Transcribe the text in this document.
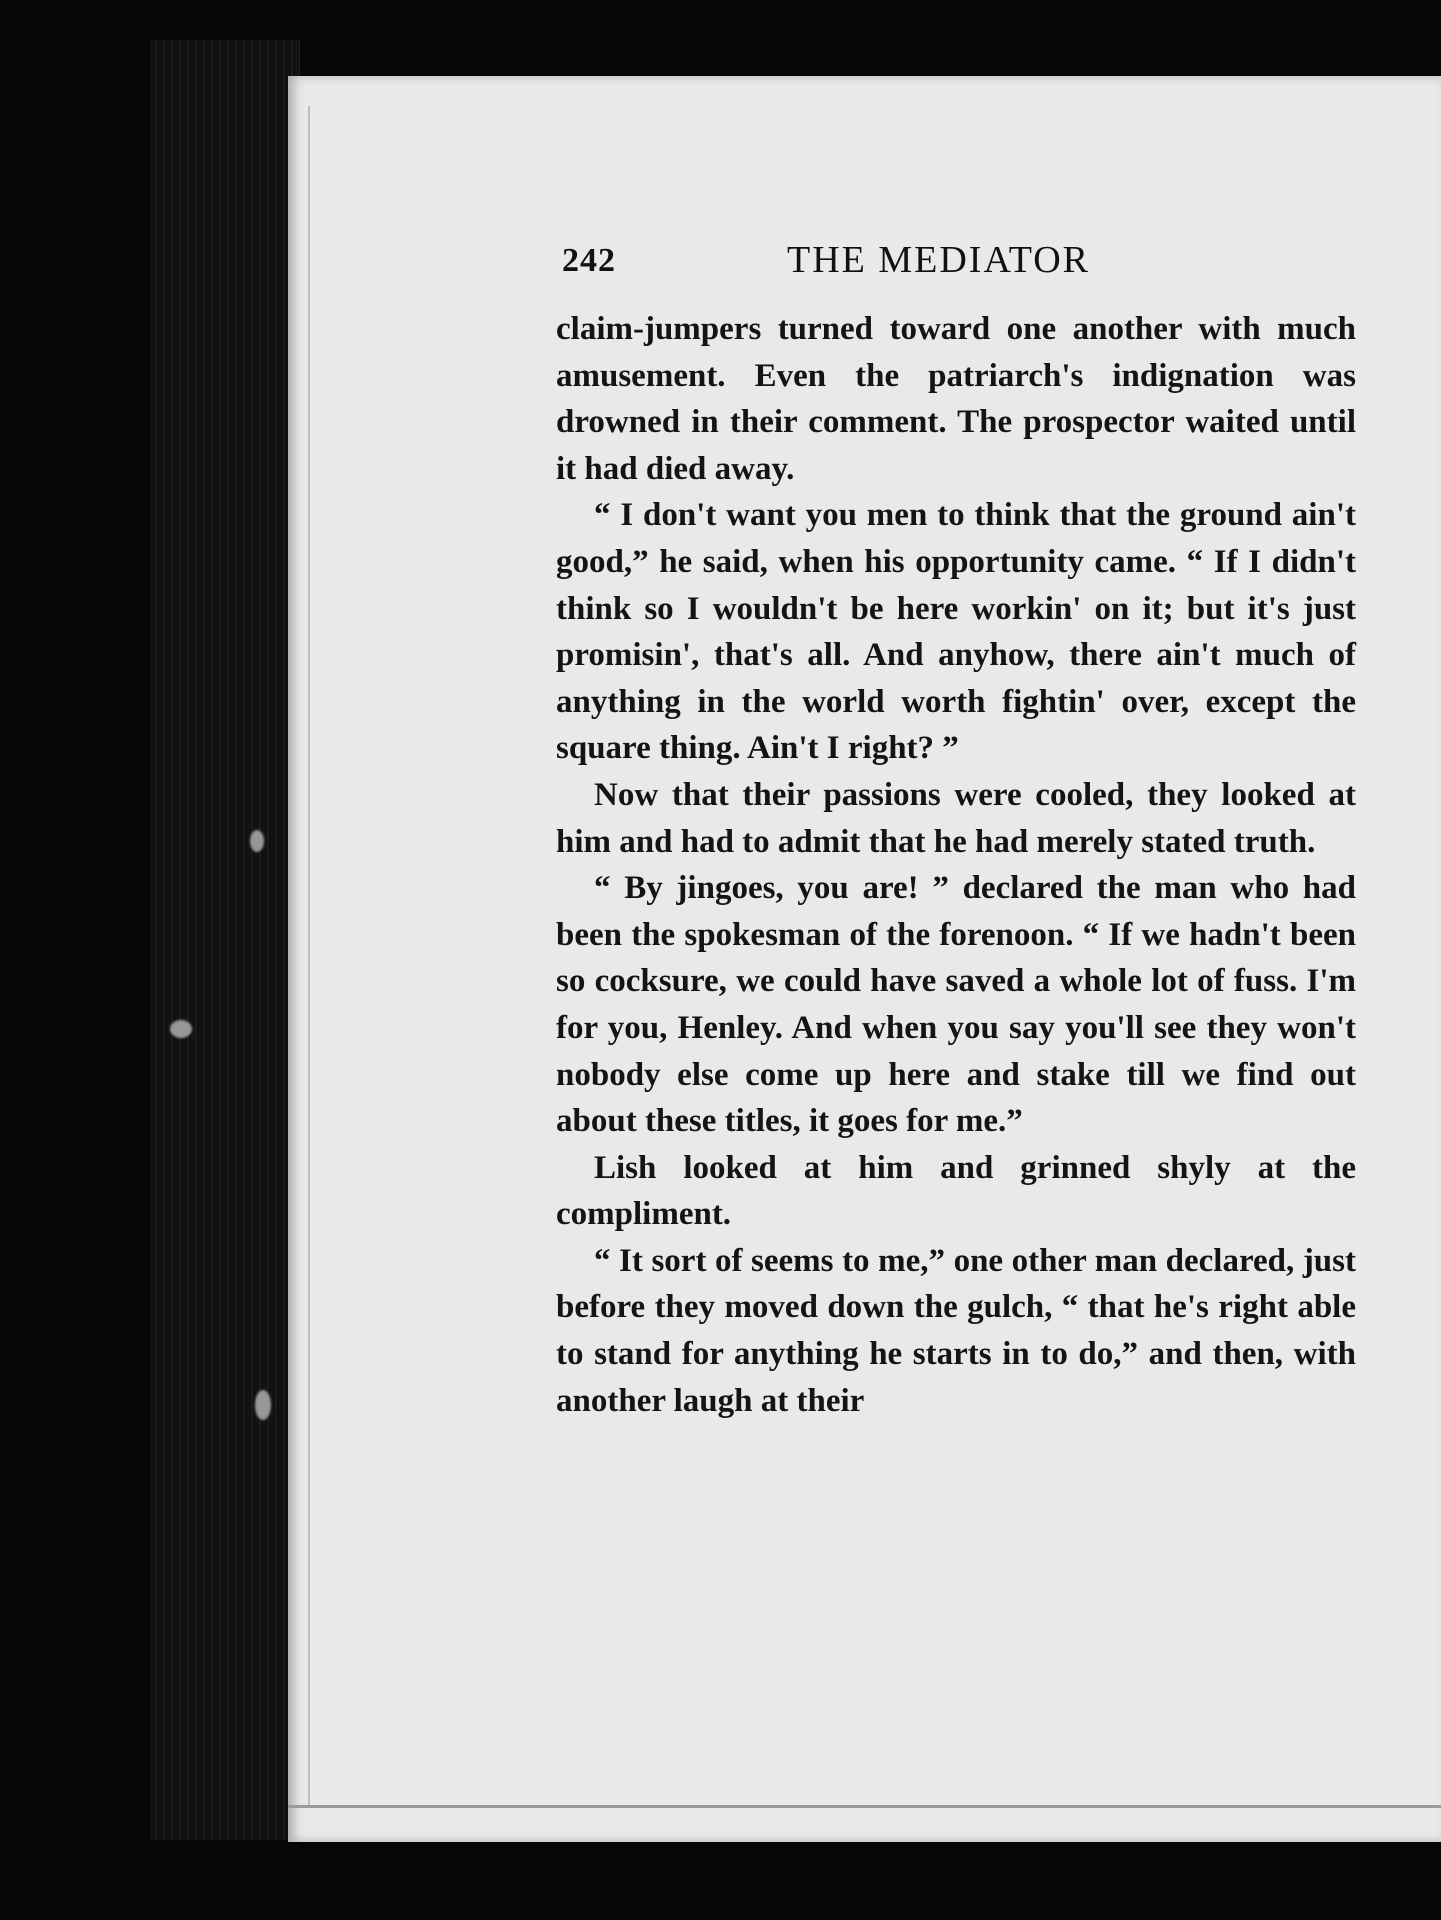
242	THE MEDIATOR

claim-jumpers turned toward one another with much amusement. Even the patriarch's indignation was drowned in their comment. The prospector waited until it had died away.

“ I don't want you men to think that the ground ain't good,” he said, when his opportunity came. “ If I didn't think so I wouldn't be here workin' on it; but it's just promisin', that's all. And anyhow, there ain't much of anything in the world worth fightin' over, except the square thing. Ain't I right? ”

Now that their passions were cooled, they looked at him and had to admit that he had merely stated truth.

“ By jingoes, you are! ” declared the man who had been the spokesman of the forenoon. “ If we hadn't been so cocksure, we could have saved a whole lot of fuss. I'm for you, Henley. And when you say you'll see they won't nobody else come up here and stake till we find out about these titles, it goes for me.”

Lish looked at him and grinned shyly at the compliment.

“ It sort of seems to me,” one other man declared, just before they moved down the gulch, “ that he's right able to stand for anything he starts in to do,” and then, with another laugh at their
